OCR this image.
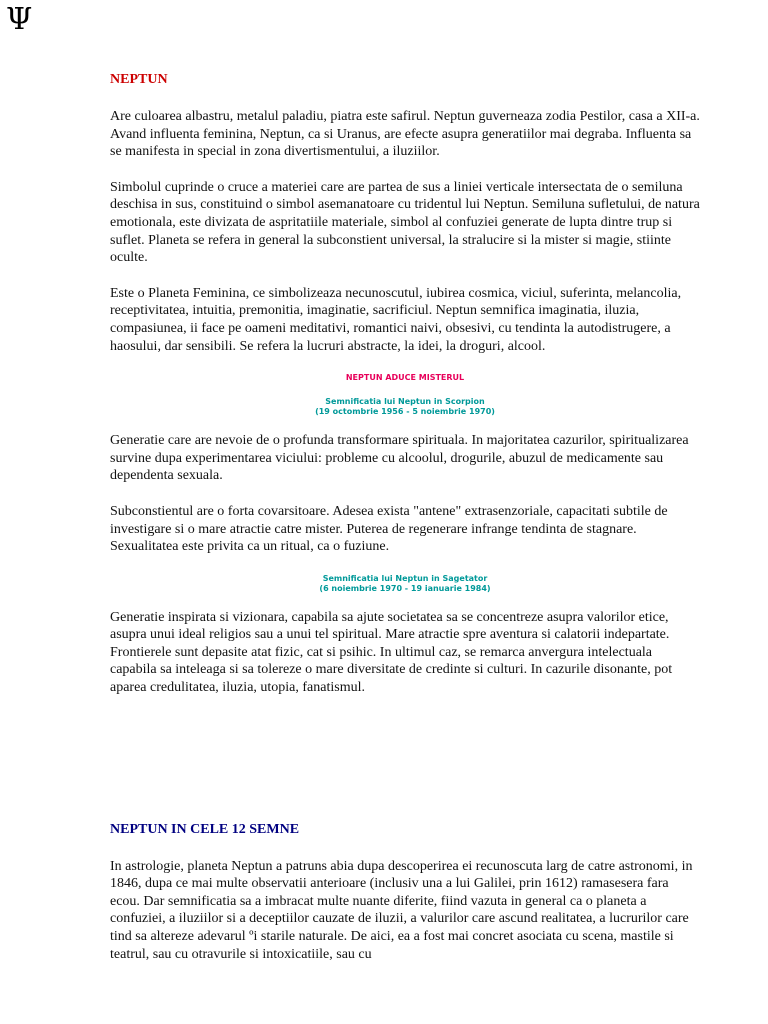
Ψ
NEPTUN

Are culoarea albastru, metalul paladiu, piatra este safirul. Neptun guverneaza zodia Pestilor, casa a XII-a. Avand influenta feminina, Neptun, ca si Uranus, are efecte asupra generatiilor mai degraba. Influenta sa se manifesta in special in zona divertismentului, a iluziilor.

Simbolul cuprinde o cruce a materiei care are partea de sus a liniei verticale intersectata de o semiluna deschisa in sus, constituind o simbol asemanatoare cu tridentul lui Neptun. Semiluna sufletului, de natura emotionala, este divizata de aspritatiile materiale, simbol al confuziei generate de lupta dintre trup si suflet. Planeta se refera in general la subconstient universal, la stralucire si la mister si magie, stiinte oculte.

Este o Planeta Feminina, ce simbolizeaza necunoscutul, iubirea cosmica, viciul, suferinta, melancolia, receptivitatea, intuitia, premonitia, imaginatie, sacrificiul. Neptun semnifica imaginatia, iluzia, compasiunea, ii face pe oameni meditativi, romantici naivi, obsesivi, cu tendinta la autodistrugere, a haosului, dar sensibili. Se refera la lucruri abstracte, la idei, la droguri, alcool.

NEPTUN ADUCE MISTERUL

Semnificatia lui Neptun in Scorpion

(19 octombrie 1956 - 5 noiembrie 1970)

Generatie care are nevoie de o profunda transformare spirituala. In majoritatea cazurilor, spiritualizarea survine dupa experimentarea viciului: probleme cu alcoolul, drogurile, abuzul de medicamente sau dependenta sexuala.

Subconstientul are o forta covarsitoare. Adesea exista "antene" extrasenzoriale, capacitati subtile de investigare si o mare atractie catre mister. Puterea de regenerare infrange tendinta de stagnare. Sexualitatea este privita ca un ritual, ca o fuziune.

Semnificatia lui Neptun in Sagetator

(6 noiembrie 1970 - 19 ianuarie 1984)

Generatie inspirata si vizionara, capabila sa ajute societatea sa se concentreze asupra valorilor etice, asupra unui ideal religios sau a unui tel spiritual. Mare atractie spre aventura si calatorii indepartate.

Frontierele sunt depasite atat fizic, cat si psihic. In ultimul caz, se remarca anvergura intelectuala capabila sa inteleaga si sa tolereze o mare diversitate de credinte si culturi. In cazurile disonante, pot aparea credulitatea, iluzia, utopia, fanatismul.

NEPTUN IN CELE 12 SEMNE

In astrologie, planeta Neptun a patruns abia dupa descoperirea ei recunoscuta larg de catre astronomi, in 1846, dupa ce mai multe observatii anterioare (inclusiv una a lui Galilei, prin 1612) ramasesera fara ecou. Dar semnificatia sa a imbracat multe nuante diferite, fiind vazuta in general ca o planeta a confuziei, a iluziilor si a deceptiilor cauzate de iluzii, a valurilor care ascund realitatea, a lucrurilor care tind sa altereze adevarul ºi starile naturale. De aici, ea a fost mai concret asociata cu scena, mastile si teatrul, sau cu otravurile si intoxicatiile, sau cu
